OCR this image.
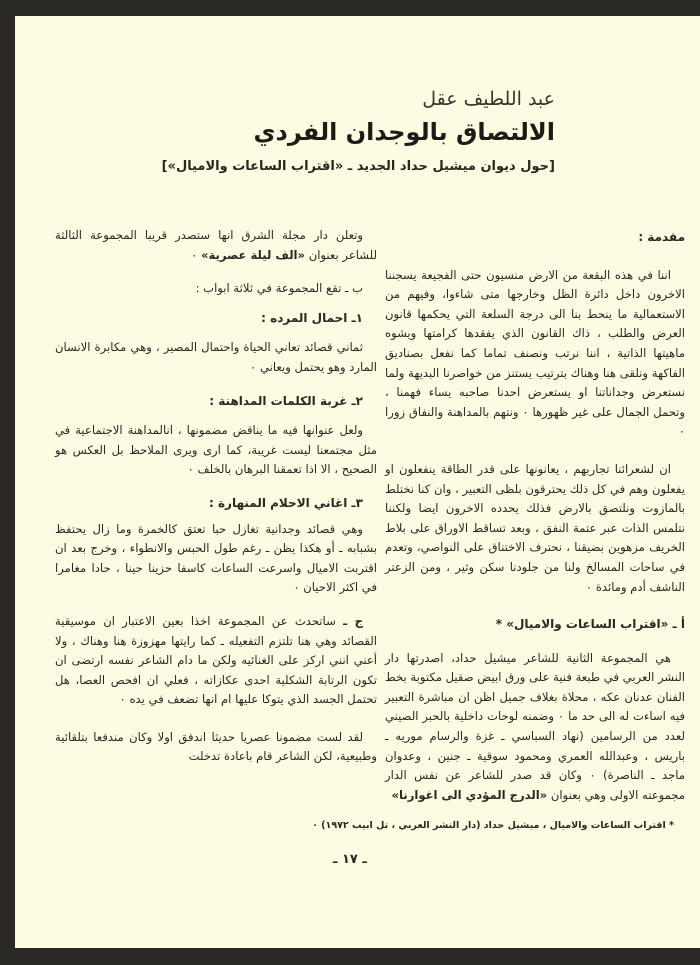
عبد اللطيف عقل
الالتصاق بالوجدان الفردي
[حول ديوان ميشيل حداد الجديد ـ «اقتراب الساعات والاميال»]

مقدمة :

اننا في هذه البقعة من الارض منسيون حتى الفجيعة يسجننا الاخرون داخل دائرة الظل وخارجها متى شاءوا، وفيهم من الاستعمالية ما ينحط بنا الى درجة السلعة التي يحكمها قانون العرض والطلب ، ذاك القانون الذي يفقدها كرامتها ويشوه ماهيتها الذاتية ، اننا نرتب ونصنف تماما كما نفعل بصناديق الفاكهة ونلقى هنا وهناك بترتيب يستنز من خواصرنا البديهة ولما نستعرض وجداناتنا او يستعرض احدنا صاحبه يساء فهمنا ، وتحمل الجمال على غير ظهورها ٠ ونتهم بالمداهنة والنفاق زورا ٠

ان لشعرائنا تجاربهم ، يعانونها على قدر الطاقة ينفعلون او يفعلون وهم في كل ذلك يحترقون بلظى التعبير ، وان كنا نختلط بالمازوت ونلتصق بالارض فذلك يحدده الاخرون ايضا ولكننا نتلمس الذات عبر عتمة النفق ، وبعد تساقط الاوراق على بلاط الخريف مزهوين بضيقنا ، نحترف الاختناق على النواصي، وتعدم في ساحات المسالخ ولنا من جلودنا سكن وثير ، ومن الزعتر الناشف أدم ومائدة ٠

أ ـ «اقتراب الساعات والاميال» *

هي المجموعة الثانية للشاعر ميشيل حداد، اصدرتها دار النشر العربي في طبعة فنية على ورق ابيض صقيل مكتوبة بخط الفنان عدنان عكه ، محلاة بغلاف جميل اظن ان مباشرة التعبير فيه اساءت له الى حد ما ٠ وضمنه لوحات داخلية بالحبر الصيني لعدد من الرسامين (نهاد السباسي ـ غزة والرسام موريه ـ باريس ، وعبدالله العمري ومحمود سوقية ـ جنين ، وعدوان ماجد ـ الناصرة) ٠ وكان قد صدر للشاعر عن نفس الدار مجموعته الاولى وهي بعنوان «الدرج المؤدي الى اغوارنا»

وتعلن دار مجلة الشرق انها ستصدر قريبا المجموعة الثالثة للشاعر بعنوان «الف ليلة عصرية» ٠

ب ـ تقع المجموعة في ثلاثة ابواب :

١ـ احمال المرده :

ثماني قصائد تعاني الحياة واحتمال المصير ، وهي مكابرة الانسان المارد وهو يحتمل ويعاني ٠

٢ـ غربة الكلمات المداهنة :

ولعل عنوانها فيه ما يناقض مضمونها ، انالمداهنة الاجتماعية في مثل مجتمعنا ليست غريبة، كما ارى ويرى الملاحظ بل العكس هو الصحيح ، الا اذا تعمقنا البرهان بالخلف ٠

٣ـ اغاني الاحلام المنهارة :

وهي قصائد وجدانية تغازل حبا تعتق كالخمرة وما زال يحتفظ بشبابه ـ أو هكذا يظن ـ رغم طول الحبس والانطواء ، وخرج بعد ان اقتربت الاميال واسرعت الساعات كاسفا حزينا حينا ، حادا مغامرا في اكثر الاحيان ٠

ج ـ ساتحدث عن المجموعة اخذا بعين الاعتبار ان موسيقية القصائد وهي هنا تلتزم التفعيله ـ كما رايتها مهزوزة هنا وهناك ، ولا أعني انني اركز على الغنائيه ولكن ما دام الشاعر نفسه ارتضى ان تكون الرتابة الشكلية احدى عكازاته ، فعلي ان افحص العصا، هل تحتمل الجسد الذي يتوكا عليها ام انها تضعف في يده ٠

لقد لست مضمونا عصريا حديثا اندفق اولا وكان مندفعا بتلقائية وطبيعية، لكن الشاعر قام باعادة تدخلت

* اقتراب الساعات والاميال ، ميشيل حداد (دار النشر العربي ، تل ابيب ١٩٧٢) ٠
ـ ١٧ ـ
